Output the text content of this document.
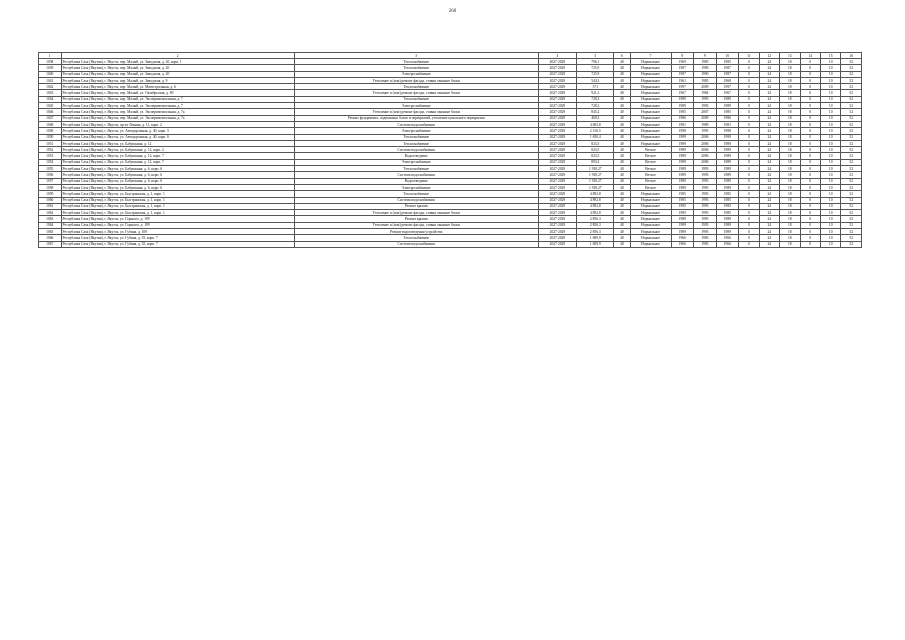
260
1	2	3	4	5	6	7	8	9	10	11	12	13	14	15	16
1038	Республика Саха (Якутия), г. Якутск, пер. Малый, ул. Заводская, д. 20, корп. 1	Теплоснабжение	2027-2029	706,1	40	Нормальное	1969	1985	1985	0	24	18	0	10	52
1039	Республика Саха (Якутия), г. Якутск, пер. Малый, ул. Заводская, д. 20	Теплоснабжение	2027-2029	725,9	40	Нормальное	1987	1990	1987	0	24	18	0	10	52
1040	Республика Саха (Якутия), г. Якутск, пер. Малый, ул. Заводская, д. 20	Электроснабжение	2027-2029	725,9	40	Нормальное	1987	1990	1987	0	24	18	0	10	52
1041	Республика Саха (Якутия), г. Якутск, пер. Малый, ул. Заводская, д. 9	Утепление и (или) ремонт фасада, ставни оконные блоки	2027-2029	544,3	40	Нормальное	1961	1985	1968	0	24	18	0	10	52
1042	Республика Саха (Якутия), г. Якутск, пер. Малый, ул. Магистральная, д. 6	Теплоснабжение	2027-2029	571	40	Нормальное	1997	2009	1997	0	24	18	0	10	52
1043	Республика Саха (Якутия), г. Якутск, пер. Малый, ул. Октябрьская, д. 80	Утепление и (или) ремонт фасада, ставни оконные блоки	2027-2029	921,2	40	Нормальное	1967	1984	1967	0	24	18	0	10	52
1044	Республика Саха (Якутия), г. Якутск, пер. Малый, ул. Экспериментальная, д. 7	Теплоснабжение	2027-2029	728,3	40	Нормальное	1989	1993	1989	0	24	18	0	10	52
1045	Республика Саха (Якутия), г. Якутск, пер. Малый, ул. Экспериментальная, д. 7	Электроснабжение	2027-2029	728,3	40	Нормальное	1989	1993	1989	0	24	18	0	10	52
1046	Республика Саха (Якутия), г. Якутск, пер. Малый, ул. Экспериментальная, д. 7а	Утепление и (или) ремонт фасада, ставни оконные блоки	2027-2029	845,2	40	Нормальное	1985	2007	1985	0	24	18	0	10	52
1047	Республика Саха (Якутия), г. Якутск, пер. Малый, ул. Экспериментальная, д. 7а	Ремонт фундамента, подвальных балок и перекрытий, утепление цокольного перекрытия	2027-2029	469,3	40	Нормальное	1986	2009	1986	0	24	18	0	10	52
1048	Республика Саха (Якутия), г. Якутск, пр-кт Ленина, д. 11, корп. 2	Система водоснабжения	2027-2029	4 683,8	40	Нормальное	1981	1989	1981	0	24	18	0	10	52
1049	Республика Саха (Якутия), г. Якутск, ул. Автодорожная, д. 40, корп. 5	Электроснабжение	2027-2029	2 316,5	40	Нормальное	1998	1993	1998	0	24	18	0	10	52
1050	Республика Саха (Якутия), г. Якутск, ул. Автодорожная, д. 40, корп. 6	Теплоснабжение	2027-2029	1 650,4	40	Нормальное	1999	2006	1999	0	24	18	0	10	52
1051	Республика Саха (Якутия), г. Якутск, ул. Бабушкина, д. 12	Теплоснабжение	2027-2029	823,5	40	Нормальное	1989	2006	1989	0	24	18	0	10	52
1052	Республика Саха (Якутия), г. Якутск, ул. Бабушкина, д. 12, корп. 2	Система водоснабжения	2027-2029	823,5	40	Ветхое	1989	2006	1989	0	24	18	0	10	52
1053	Республика Саха (Якутия), г. Якутск, ул. Бабушкина, д. 12, корп. 7	Водоотведение	2027-2029	823,5	40	Ветхое	1989	2006	1989	0	24	18	0	10	52
1054	Республика Саха (Якутия), г. Якутск, ул. Бабушкина, д. 12, корп. 7	Электроснабжение	2027-2029	893,2	40	Ветхое	1989	2006	1989	0	24	18	0	10	52
1055	Республика Саха (Якутия), г. Якутск, ул. Бабушкина, д. 6, корп. 6	Теплоснабжение	2027-2029	1 918,27	40	Ветхое	1989	1993	1989	0	24	18	0	10	52
1056	Республика Саха (Якутия), г. Якутск, ул. Бабушкина, д. 6, корп. 6	Система водоснабжения	2027-2029	1 918,27	40	Ветхое	1989	1993	1989	0	24	18	0	10	52
1057	Республика Саха (Якутия), г. Якутск, ул. Бабушкина, д. 6, корп. 6	Водоотведение	2027-2029	1 918,27	40	Ветхое	1989	1993	1989	0	24	18	0	10	52
1058	Республика Саха (Якутия), г. Якутск, ул. Бабушкина, д. 6, корп. 6	Электроснабжение	2027-2029	1 918,27	40	Ветхое	1989	1993	1989	0	24	18	0	10	52
1059	Республика Саха (Якутия), г. Якутск, ул. Быстринская, д. 1, корп. 1	Теплоснабжение	2027-2029	4 892,8	40	Нормальное	1985	1993	1985	0	24	18	0	10	52
1060	Республика Саха (Якутия), г. Якутск, ул. Быстринская, д. 1, корп. 1	Система водоснабжения	2027-2029	4 892,8	40	Нормальное	1985	1993	1985	0	24	18	0	10	52
1061	Республика Саха (Якутия), г. Якутск, ул. Быстринская, д. 1, корп. 1	Ремонт крыши	2027-2029	4 892,8	40	Нормальное	1985	1993	1985	0	24	18	0	10	52
1062	Республика Саха (Якутия), г. Якутск, ул. Быстринская, д. 1, корп. 1	Утепление и (или) ремонт фасада, ставни оконные блоки	2027-2029	4 892,8	40	Нормальное	1985	1993	1985	0	24	18	0	10	52
1063	Республика Саха (Якутия), г. Якутск, ул. Горького, д. 109	Ремонт крыши	2027-2029	2 856,3	40	Нормальное	1989	1993	1989	0	24	18	0	10	52
1064	Республика Саха (Якутия), г. Якутск, ул. Горького, д. 109	Утепление и (или) ремонт фасада, ставни оконные блоки	2027-2029	2 856,3	40	Нормальное	1989	1993	1989	0	24	18	0	10	52
1065	Республика Саха (Якутия), г. Якутск, ул. Губина, д. 109	Ремонт водоотведения устройства	2027-2029	2 856,3	40	Нормальное	1989	1993	1989	0	24	18	0	10	52
1066	Республика Саха (Якутия), г. Якутск, ул. Губина, д. 35, корп. 7	Теплоснабжение	2027-2029	1 689,9	40	Нормальное	1966	1983	1966	0	24	18	0	10	52
1067	Республика Саха (Якутия), г. Якутск, ул. Губина, д. 35, корп. 7	Система водоснабжения	2027-2029	1 689,9	40	Нормальное	1966	1983	1966	0	24	18	0	10	52
